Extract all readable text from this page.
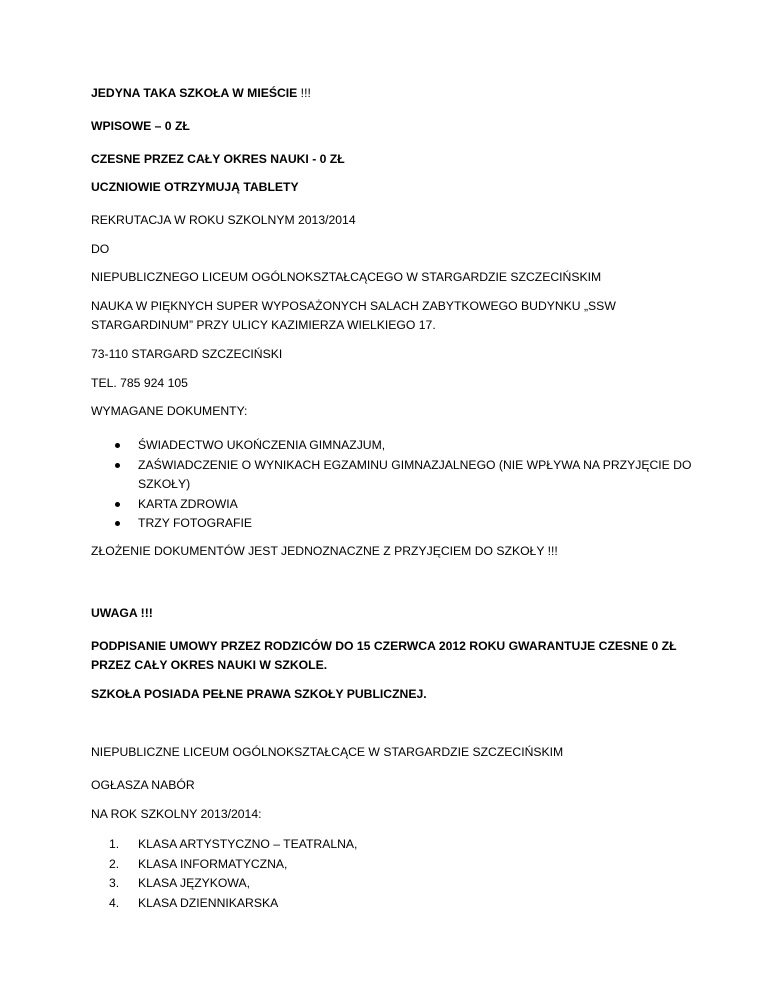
JEDYNA TAKA SZKOŁA W MIEŚCIE !!!

WPISOWE – 0 ZŁ

CZESNE PRZEZ CAŁY OKRES NAUKI - 0 ZŁ

UCZNIOWIE OTRZYMUJĄ TABLETY

REKRUTACJA W ROKU SZKOLNYM 2013/2014

DO

NIEPUBLICZNEGO LICEUM OGÓLNOKSZTAŁCĄCEGO W STARGARDZIE SZCZECIŃSKIM

NAUKA W PIĘKNYCH SUPER WYPOSAŻONYCH SALACH ZABYTKOWEGO BUDYNKU „SSW STARGARDINUM” PRZY ULICY KAZIMIERZA WIELKIEGO 17.

73-110 STARGARD SZCZECIŃSKI

TEL. 785 924 105

WYMAGANE DOKUMENTY:

ŚWIADECTWO UKOŃCZENIA GIMNAZJUM,
ZAŚWIADCZENIE O WYNIKACH EGZAMINU GIMNAZJALNEGO (NIE WPŁYWA NA PRZYJĘCIE DO SZKOŁY)
KARTA ZDROWIA
TRZY FOTOGRAFIE

ZŁOŻENIE DOKUMENTÓW JEST JEDNOZNACZNE Z PRZYJĘCIEM DO SZKOŁY !!!

UWAGA !!!

PODPISANIE UMOWY PRZEZ RODZICÓW DO 15 CZERWCA 2012 ROKU GWARANTUJE CZESNE 0 ZŁ PRZEZ CAŁY OKRES NAUKI W SZKOLE.

SZKOŁA POSIADA PEŁNE PRAWA SZKOŁY PUBLICZNEJ.

NIEPUBLICZNE LICEUM OGÓLNOKSZTAŁCĄCE W STARGARDZIE SZCZECIŃSKIM

OGŁASZA NABÓR

NA ROK SZKOLNY 2013/2014:

1. KLASA ARTYSTYCZNO – TEATRALNA,
2. KLASA INFORMATYCZNA,
3. KLASA JĘZYKOWA,
4. KLASA DZIENNIKARSKA
